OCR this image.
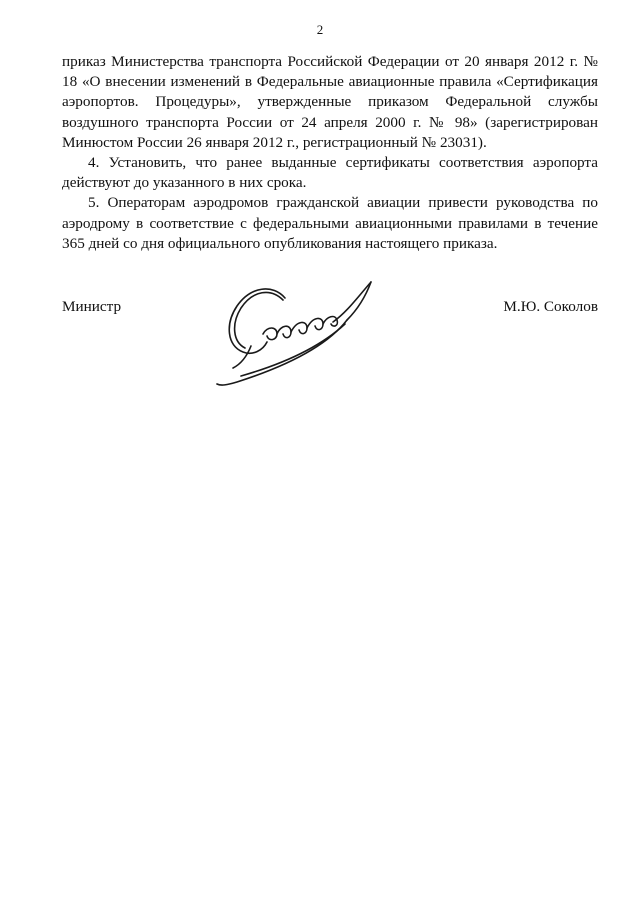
2

приказ Министерства транспорта Российской Федерации от 20 января 2012 г. № 18 «О внесении изменений в Федеральные авиационные правила «Сертификация аэропортов. Процедуры», утвержденные приказом Федеральной службы воздушного транспорта России от 24 апреля 2000 г. № 98» (зарегистрирован Минюстом России 26 января 2012 г., регистрационный № 23031).

4. Установить, что ранее выданные сертификаты соответствия аэропорта действуют до указанного в них срока.

5. Операторам аэродромов гражданской авиации привести руководства по аэродрому в соответствие с федеральными авиационными правилами в течение 365 дней со дня официального опубликования настоящего приказа.

Министр	М.Ю. Соколов
